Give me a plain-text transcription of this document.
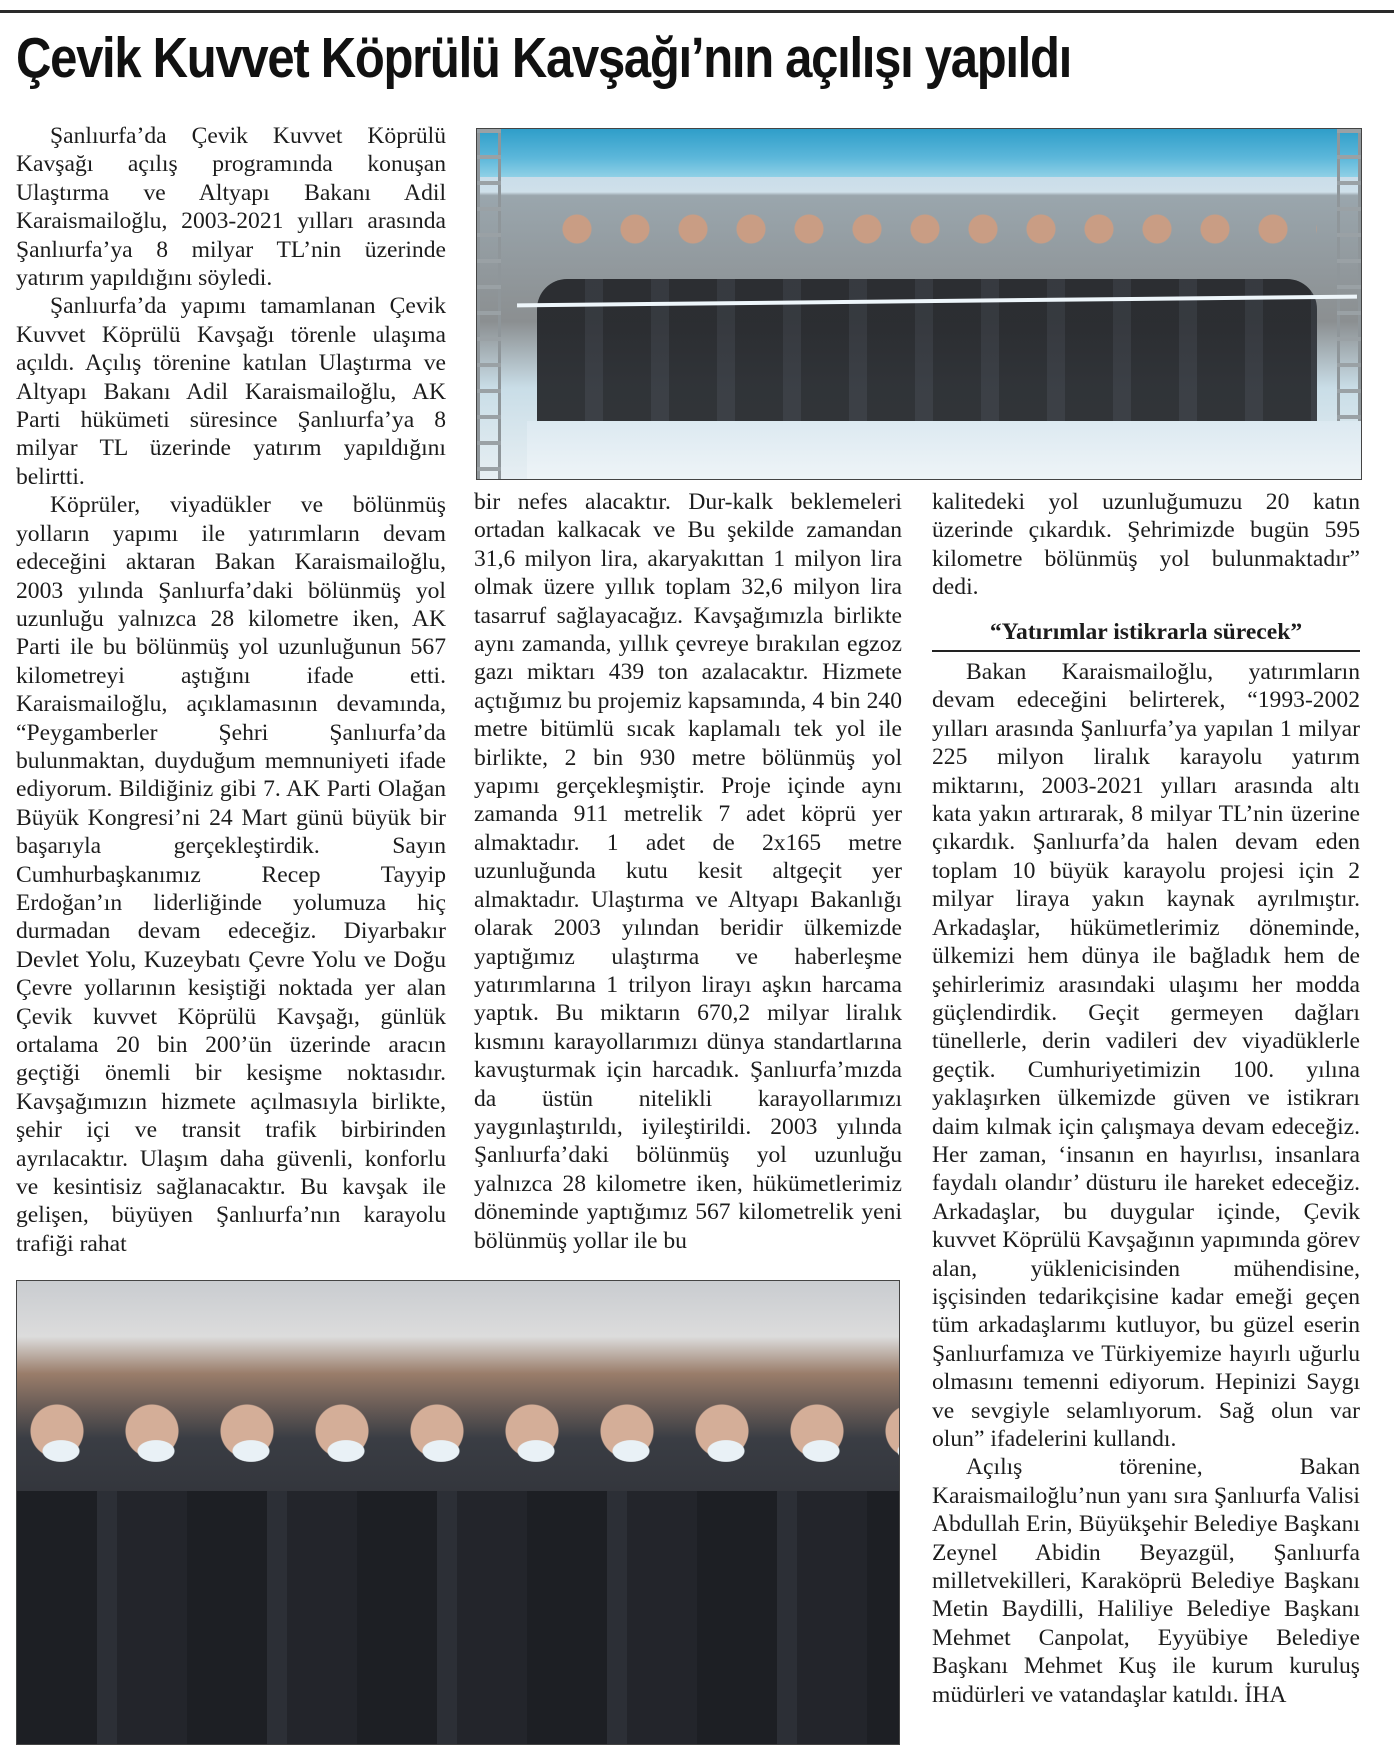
Çevik Kuvvet Köprülü Kavşağı’nın açılışı yapıldı

Şanlıurfa’da Çevik Kuvvet Köprülü Kavşağı açılış programında konuşan Ulaştırma ve Altyapı Bakanı Adil Karaismailoğlu, 2003-2021 yılları arasında Şanlıurfa’ya 8 milyar TL’nin üzerinde yatırım yapıldığını söyledi.

Şanlıurfa’da yapımı tamamlanan Çevik Kuvvet Köprülü Kavşağı törenle ulaşıma açıldı. Açılış törenine katılan Ulaştırma ve Altyapı Bakanı Adil Karaismailoğlu, AK Parti hükümeti süresince Şanlıurfa’ya 8 milyar TL üzerinde yatırım yapıldığını belirtti.

Köprüler, viyadükler ve bölünmüş yolların yapımı ile yatırımların devam edeceğini aktaran Bakan Karaismailoğlu, 2003 yılında Şanlıurfa’daki bölünmüş yol uzunluğu yalnızca 28 kilometre iken, AK Parti ile bu bölünmüş yol uzunluğunun 567 kilometreyi aştığını ifade etti. Karaismailoğlu, açıklamasının devamında, “Peygamberler Şehri Şanlıurfa’da bulunmaktan, duyduğum memnuniyeti ifade ediyorum. Bildiğiniz gibi 7. AK Parti Olağan Büyük Kongresi’ni 24 Mart günü büyük bir başarıyla gerçekleştirdik. Sayın Cumhurbaşkanımız Recep Tayyip Erdoğan’ın liderliğinde yolumuza hiç durmadan devam edeceğiz. Diyarbakır Devlet Yolu, Kuzeybatı Çevre Yolu ve Doğu Çevre yollarının kesiştiği noktada yer alan Çevik kuvvet Köprülü Kavşağı, günlük ortalama 20 bin 200’ün üzerinde aracın geçtiği önemli bir kesişme noktasıdır. Kavşağımızın hizmete açılmasıyla birlikte, şehir içi ve transit trafik birbirinden ayrılacaktır. Ulaşım daha güvenli, konforlu ve kesintisiz sağlanacaktır. Bu kavşak ile gelişen, büyüyen Şanlıurfa’nın karayolu trafiği rahat

bir nefes alacaktır. Dur-kalk beklemeleri ortadan kalkacak ve Bu şekilde zamandan 31,6 milyon lira, akaryakıttan 1 milyon lira olmak üzere yıllık toplam 32,6 milyon lira tasarruf sağlayacağız. Kavşağımızla birlikte aynı zamanda, yıllık çevreye bırakılan egzoz gazı miktarı 439 ton azalacaktır. Hizmete açtığımız bu projemiz kapsamında, 4 bin 240 metre bitümlü sıcak kaplamalı tek yol ile birlikte, 2 bin 930 metre bölünmüş yol yapımı gerçekleşmiştir. Proje içinde aynı zamanda 911 metrelik 7 adet köprü yer almaktadır. 1 adet de 2x165 metre uzunluğunda kutu kesit altgeçit yer almaktadır. Ulaştırma ve Altyapı Bakanlığı olarak 2003 yılından beridir ülkemizde yaptığımız ulaştırma ve haberleşme yatırımlarına 1 trilyon lirayı aşkın harcama yaptık. Bu miktarın 670,2 milyar liralık kısmını karayollarımızı dünya standartlarına kavuşturmak için harcadık. Şanlıurfa’mızda da üstün nitelikli karayollarımızı yaygınlaştırıldı, iyileştirildi. 2003 yılında Şanlıurfa’daki bölünmüş yol uzunluğu yalnızca 28 kilometre iken, hükümetlerimiz döneminde yaptığımız 567 kilometrelik yeni bölünmüş yollar ile bu

kalitedeki yol uzunluğumuzu 20 katın üzerinde çıkardık. Şehrimizde bugün 595 kilometre bölünmüş yol bulunmaktadır” dedi.

“Yatırımlar istikrarla sürecek”

Bakan Karaismailoğlu, yatırımların devam edeceğini belirterek, “1993-2002 yılları arasında Şanlıurfa’ya yapılan 1 milyar 225 milyon liralık karayolu yatırım miktarını, 2003-2021 yılları arasında altı kata yakın artırarak, 8 milyar TL’nin üzerine çıkardık. Şanlıurfa’da halen devam eden toplam 10 büyük karayolu projesi için 2 milyar liraya yakın kaynak ayrılmıştır. Arkadaşlar, hükümetlerimiz döneminde, ülkemizi hem dünya ile bağladık hem de şehirlerimiz arasındaki ulaşımı her modda güçlendirdik. Geçit germeyen dağları tünellerle, derin vadileri dev viyadüklerle geçtik. Cumhuriyetimizin 100. yılına yaklaşırken ülkemizde güven ve istikrarı daim kılmak için çalışmaya devam edeceğiz. Her zaman, ‘insanın en hayırlısı, insanlara faydalı olandır’ düsturu ile hareket edeceğiz. Arkadaşlar, bu duygular içinde, Çevik kuvvet Köprülü Kavşağının yapımında görev alan, yüklenicisinden mühendisine, işçisinden tedarikçisine kadar emeği geçen tüm arkadaşlarımı kutluyor, bu güzel eserin Şanlıurfamıza ve Türkiyemize hayırlı uğurlu olmasını temenni ediyorum. Hepinizi Saygı ve sevgiyle selamlıyorum. Sağ olun var olun” ifadelerini kullandı.

Açılış törenine, Bakan Karaismailoğlu’nun yanı sıra Şanlıurfa Valisi Abdullah Erin, Büyükşehir Belediye Başkanı Zeynel Abidin Beyazgül, Şanlıurfa milletvekilleri, Karaköprü Belediye Başkanı Metin Baydilli, Haliliye Belediye Başkanı Mehmet Canpolat, Eyyübiye Belediye Başkanı Mehmet Kuş ile kurum kuruluş müdürleri ve vatandaşlar katıldı. İHA
